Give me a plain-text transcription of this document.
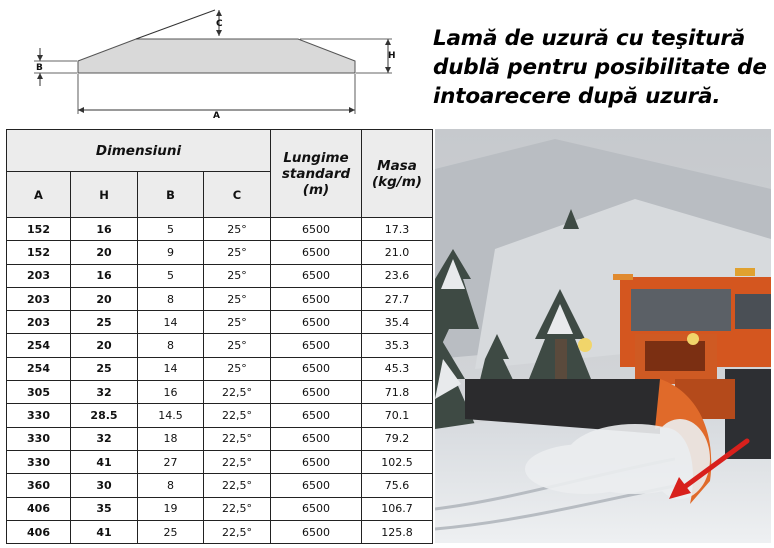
C
H
B
A
Lamă de uzură cu teşitură
dublă pentru posibilitate de
intoarecere după uzură.
Dimensiuni				Lungime
standard
(m)	Masa
(kg/m)

A	H	B	C		
152	16	5	25°	6500	17.3
152	20	9	25°	6500	21.0
203	16	5	25°	6500	23.6
203	20	8	25°	6500	27.7
203	25	14	25°	6500	35.4
254	20	8	25°	6500	35.3
254	25	14	25°	6500	45.3
305	32	16	22,5°	6500	71.8
330	28.5	14.5	22,5°	6500	70.1
330	32	18	22,5°	6500	79.2
330	41	27	22,5°	6500	102.5
360	30	8	22,5°	6500	75.6
406	35	19	22,5°	6500	106.7
406	41	25	22,5°	6500	125.8
